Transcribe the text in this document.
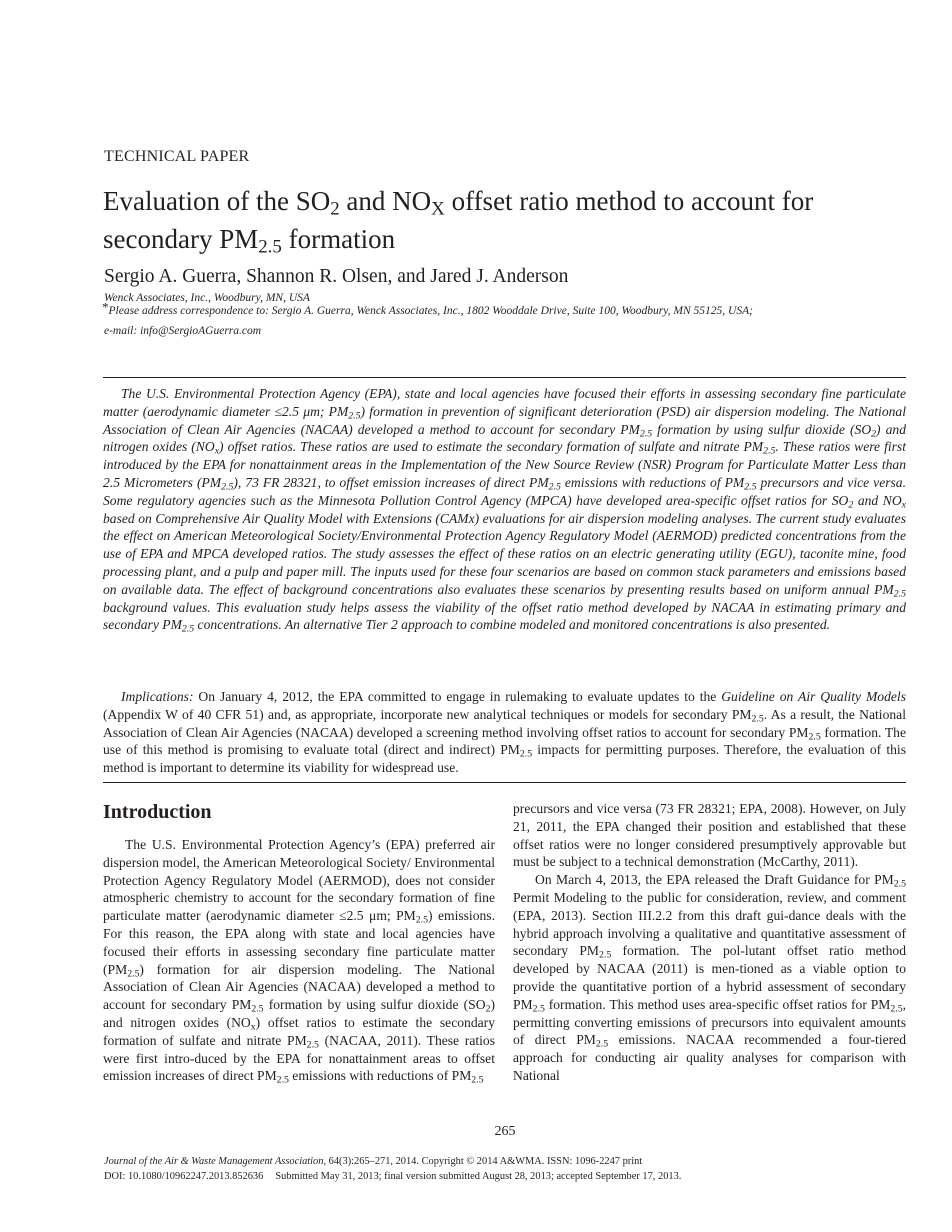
TECHNICAL PAPER
Evaluation of the $SO_2$ and $NO_X$ offset ratio method to account for secondary $PM_{2.5}$ formation
Sergio A. Guerra, Shannon R. Olsen, and Jared J. Anderson
Wenck Associates, Inc., Woodbury, MN, USA
*Please address correspondence to: Sergio A. Guerra, Wenck Associates, Inc., 1802 Wooddale Drive, Suite 100, Woodbury, MN 55125, USA;
e-mail: info@SergioAGuerra.com
The U.S. Environmental Protection Agency (EPA), state and local agencies have focused their efforts in assessing secondary fine particulate matter (aerodynamic diameter ≤2.5 μm; $PM_{2.5}$) formation in prevention of significant deterioration (PSD) air dispersion modeling. The National Association of Clean Air Agencies (NACAA) developed a method to account for secondary $PM_{2.5}$ formation by using sulfur dioxide $(SO_2)$ and nitrogen oxides $(NO_x)$ offset ratios. These ratios are used to estimate the secondary formation of sulfate and nitrate $PM_{2.5}$. These ratios were first introduced by the EPA for nonattainment areas in the Implementation of the New Source Review (NSR) Program for Particulate Matter Less than 2.5 Micrometers $(PM_{2.5})$, 73 FR 28321, to offset emission increases of direct $PM_{2.5}$ emissions with reductions of $PM_{2.5}$ precursors and vice versa. Some regulatory agencies such as the Minnesota Pollution Control Agency (MPCA) have developed area-specific offset ratios for $SO_2$ and $NO_x$ based on Comprehensive Air Quality Model with Extensions (CAMx) evaluations for air dispersion modeling analyses. The current study evaluates the effect on American Meteorological Society/Environmental Protection Agency Regulatory Model (AERMOD) predicted concentrations from the use of EPA and MPCA developed ratios. The study assesses the effect of these ratios on an electric generating utility (EGU), taconite mine, food processing plant, and a pulp and paper mill. The inputs used for these four scenarios are based on common stack parameters and emissions based on available data. The effect of background concentrations also evaluates these scenarios by presenting results based on uniform annual $PM_{2.5}$ background values. This evaluation study helps assess the viability of the offset ratio method developed by NACAA in estimating primary and secondary $PM_{2.5}$ concentrations. An alternative Tier 2 approach to combine modeled and monitored concentrations is also presented.
Implications: On January 4, 2012, the EPA committed to engage in rulemaking to evaluate updates to the Guideline on Air Quality Models (Appendix W of 40 CFR 51) and, as appropriate, incorporate new analytical techniques or models for secondary $PM_{2.5}$. As a result, the National Association of Clean Air Agencies (NACAA) developed a screening method involving offset ratios to account for secondary $PM_{2.5}$ formation. The use of this method is promising to evaluate total (direct and indirect) $PM_{2.5}$ impacts for permitting purposes. Therefore, the evaluation of this method is important to determine its viability for widespread use.
Introduction
The U.S. Environmental Protection Agency’s (EPA) preferred air dispersion model, the American Meteorological Society/ Environmental Protection Agency Regulatory Model (AERMOD), does not consider atmospheric chemistry to account for the secondary formation of fine particulate matter (aerodynamic diameter ≤2.5 μm; $PM_{2.5}$) emissions. For this reason, the EPA along with state and local agencies have focused their efforts in assessing secondary fine particulate matter $(PM_{2.5})$ formation for air dispersion modeling. The National Association of Clean Air Agencies (NACAA) developed a method to account for secondary $PM_{2.5}$ formation by using sulfur dioxide $(SO_2)$ and nitrogen oxides $(NO_x)$ offset ratios to estimate the secondary formation of sulfate and nitrate $PM_{2.5}$ (NACAA, 2011). These ratios were first intro-duced by the EPA for nonattainment areas to offset emission increases of direct $PM_{2.5}$ emissions with reductions of $PM_{2.5}$

precursors and vice versa (73 FR 28321; EPA, 2008). However, on July 21, 2011, the EPA changed their position and established that these offset ratios were no longer considered presumptively approvable but must be subject to a technical demonstration (McCarthy, 2011).

On March 4, 2013, the EPA released the Draft Guidance for $PM_{2.5}$ Permit Modeling to the public for consideration, review, and comment (EPA, 2013). Section III.2.2 from this draft gui-dance deals with the hybrid approach involving a qualitative and quantitative assessment of secondary $PM_{2.5}$ formation. The pol-lutant offset ratio method developed by NACAA (2011) is men-tioned as a viable option to provide the quantitative portion of a hybrid assessment of secondary $PM_{2.5}$ formation. This method uses area-specific offset ratios for $PM_{2.5}$, permitting converting emissions of precursors into equivalent amounts of direct $PM_{2.5}$ emissions. NACAA recommended a four-tiered approach for conducting air quality analyses for comparison with National

265
Journal of the Air & Waste Management Association, 64(3):265–271, 2014. Copyright © 2014 A&WMA. ISSN: 1096-2247 print
DOI: 10.1080/10962247.2013.852636 Submitted May 31, 2013; final version submitted August 28, 2013; accepted September 17, 2013.
